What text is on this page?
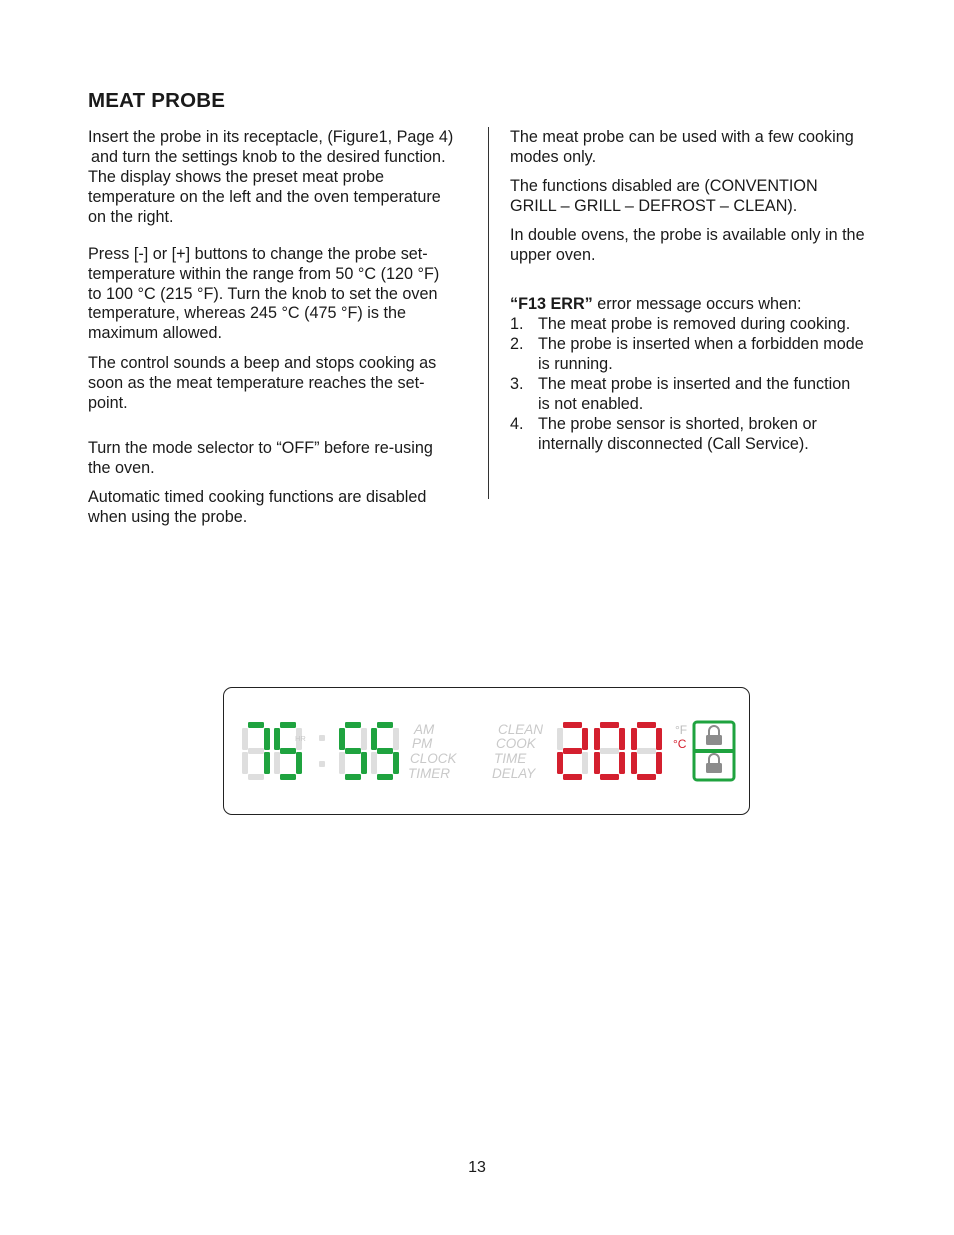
MEAT PROBE

Insert the probe in its receptacle, (Figure1, Page 4)
and turn the settings knob to the desired function.
The display shows the preset meat probe
temperature on the left and the oven temperature
on the right.

Press [-] or [+] buttons to change the probe set-
temperature within the range from 50 °C (120 °F)
to 100 °C (215 °F). Turn the knob to set the oven
temperature, whereas 245 °C (475 °F) is the
maximum allowed.

The control sounds a beep and stops cooking as
soon as the meat temperature reaches the set-
point.

Turn the mode selector to “OFF” before re-using
the oven.

Automatic timed cooking functions are disabled
when using the probe.

The meat probe can be used with a few cooking
modes only.

The functions disabled are (CONVENTION
GRILL – GRILL – DEFROST – CLEAN).

In double ovens, the probe is available only in the
upper oven.

“F13 ERR” error message occurs when:

1. The meat probe is removed during cooking.
2. The probe is inserted when a forbidden mode
is running.
3. The meat probe is inserted and the function
is not enabled.
4. The probe sensor is shorted, broken or
internally disconnected (Call Service).
HR
AM
PM
CLOCK
TIMER
CLEAN
COOK
TIME
DELAY
°F
°C
13
